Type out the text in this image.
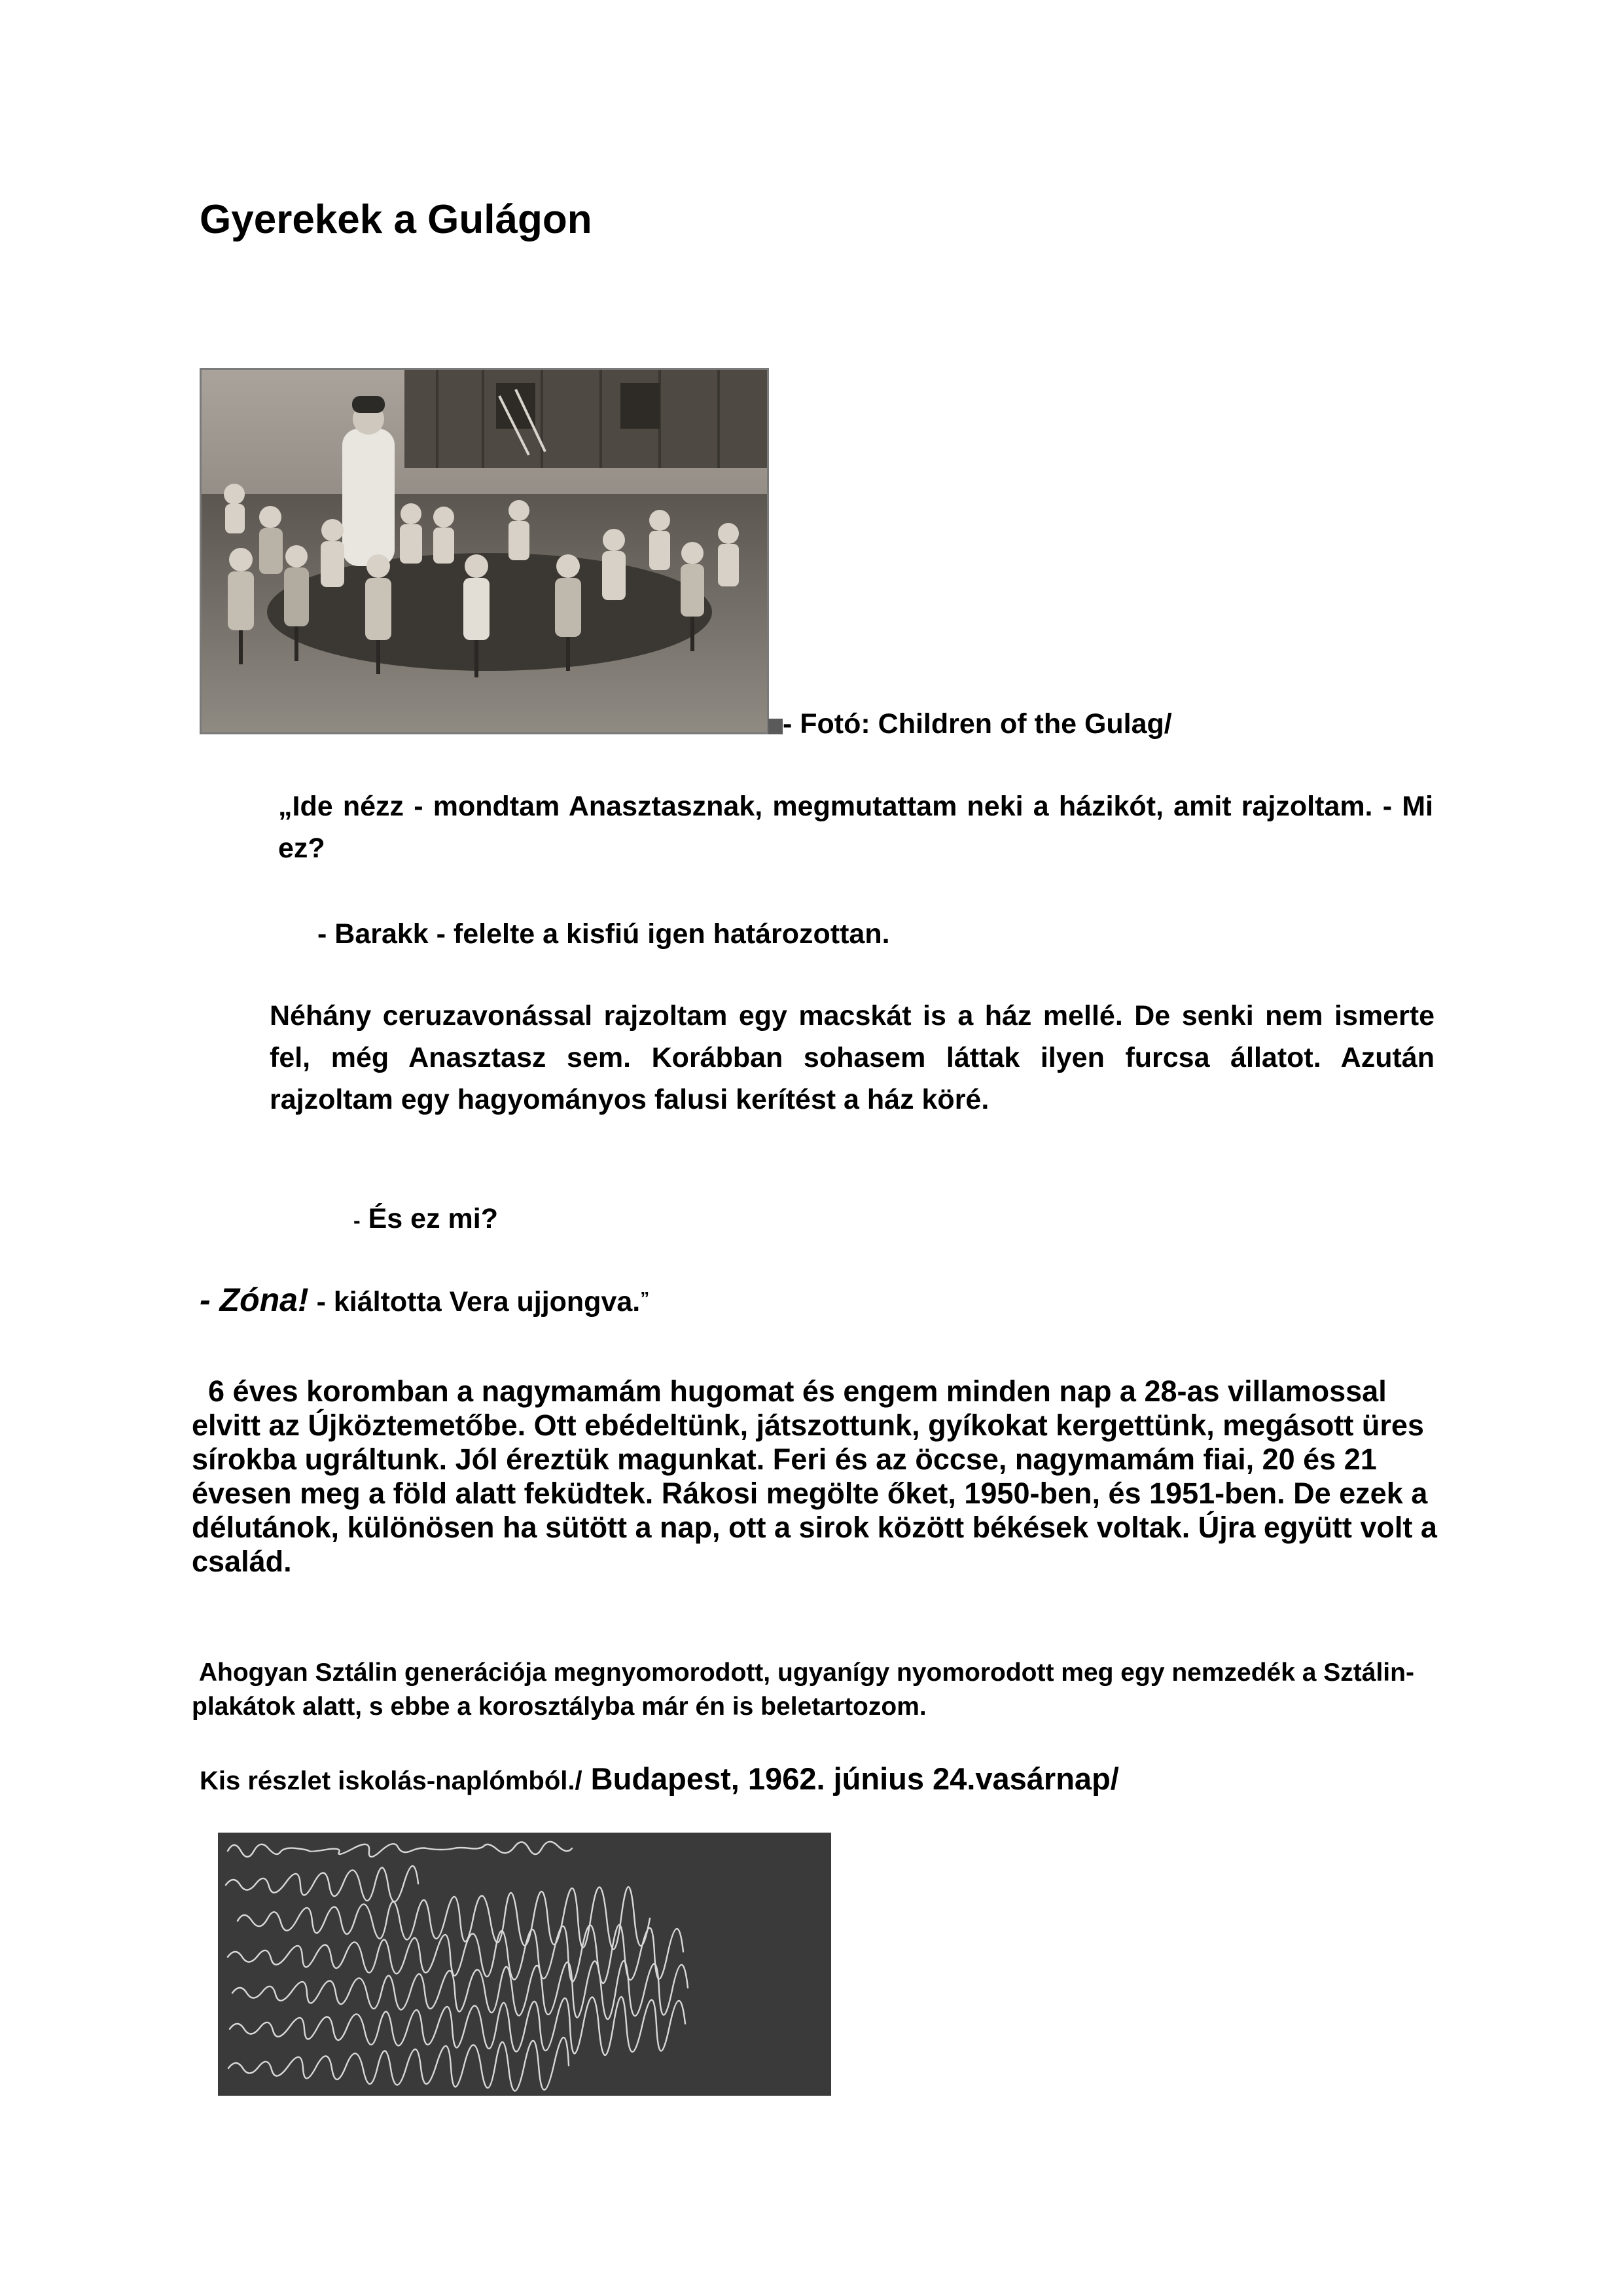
Gyerekek a Gulágon
- Fotó: Children of the Gulag/
„Ide nézz - mondtam Anasztasznak, megmutattam neki a házikót, amit rajzoltam. - Mi ez?
- Barakk - felelte a kisfiú igen határozottan.
Néhány ceruzavonással rajzoltam egy macskát is a ház mellé. De senki nem ismerte fel, még Anasztasz sem. Korábban sohasem láttak ilyen furcsa állatot. Azután rajzoltam egy hagyományos falusi kerítést a ház köré.
- És ez mi?
- Zóna! - kiáltotta Vera ujjongva.”
6 éves koromban a nagymamám hugomat és engem minden nap a 28-as villamossal elvitt az Újköztemetőbe. Ott ebédeltünk, játszottunk, gyíkokat kergettünk, megásott üres sírokba ugráltunk. Jól éreztük magunkat. Feri és az öccse, nagymamám fiai, 20 és 21 évesen meg a föld alatt feküdtek. Rákosi megölte őket, 1950-ben, és 1951-ben. De ezek a délutánok, különösen ha sütött a nap, ott a sirok között békések voltak. Újra együtt volt a család.
Ahogyan Sztálin generációja megnyomorodott, ugyanígy nyomorodott meg egy nemzedék a Sztálin-plakátok alatt, s ebbe a korosztályba már én is beletartozom.
Kis részlet iskolás-naplómból./ Budapest, 1962. június 24.vasárnap/
